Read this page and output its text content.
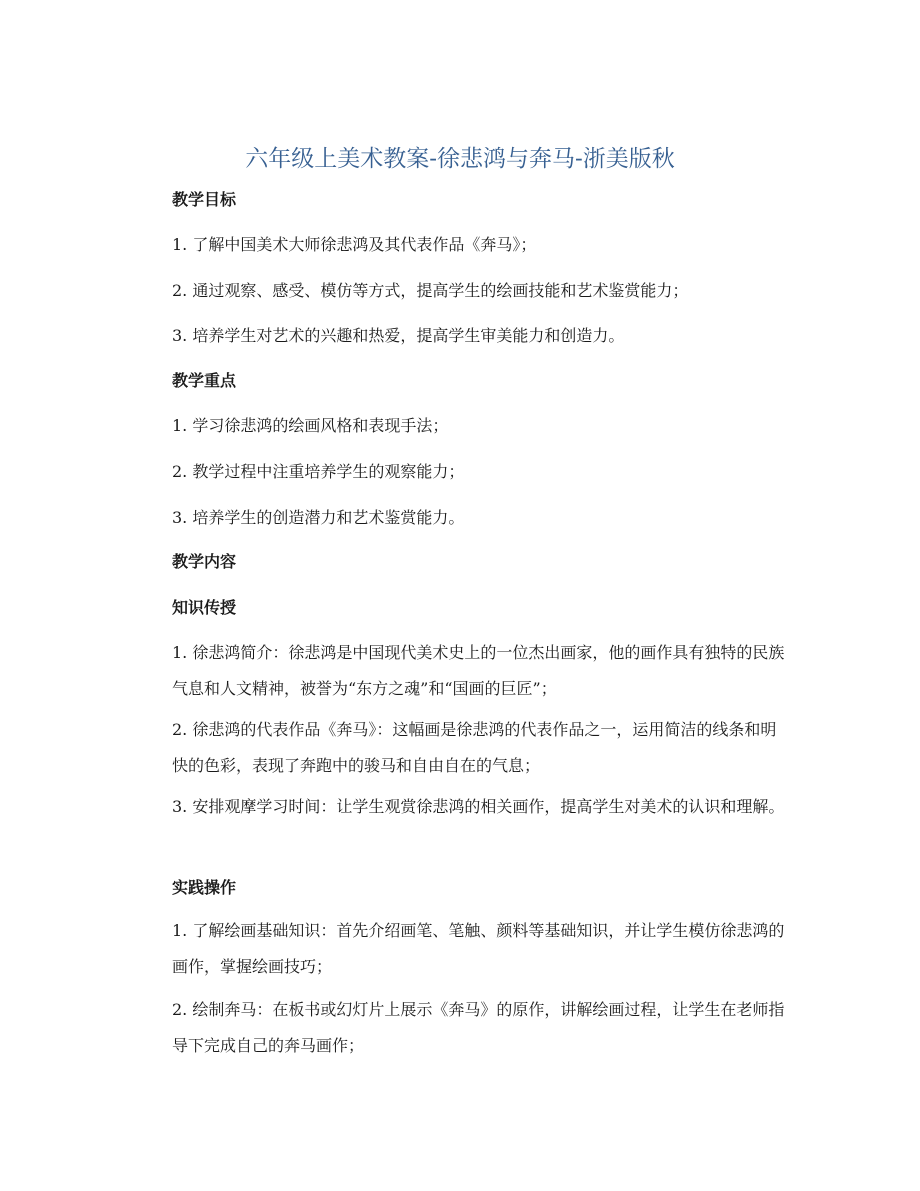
六年级上美术教案-徐悲鸿与奔马-浙美版秋
教学目标

1. 了解中国美术大师徐悲鸿及其代表作品《奔马》；

2. 通过观察、感受、模仿等方式，提高学生的绘画技能和艺术鉴赏能力；

3. 培养学生对艺术的兴趣和热爱，提高学生审美能力和创造力。

教学重点

1. 学习徐悲鸿的绘画风格和表现手法；

2. 教学过程中注重培养学生的观察能力；

3. 培养学生的创造潜力和艺术鉴赏能力。

教学内容
知识传授

1. 徐悲鸿简介：徐悲鸿是中国现代美术史上的一位杰出画家，他的画作具有独特的民族气息和人文精神，被誉为“东方之魂”和“国画的巨匠”；

2. 徐悲鸿的代表作品《奔马》：这幅画是徐悲鸿的代表作品之一，运用简洁的线条和明快的色彩，表现了奔跑中的骏马和自由自在的气息；

3. 安排观摩学习时间：让学生观赏徐悲鸿的相关画作，提高学生对美术的认识和理解。

实践操作

1. 了解绘画基础知识：首先介绍画笔、笔触、颜料等基础知识，并让学生模仿徐悲鸿的画作，掌握绘画技巧；

2. 绘制奔马：在板书或幻灯片上展示《奔马》的原作，讲解绘画过程，让学生在老师指导下完成自己的奔马画作；
